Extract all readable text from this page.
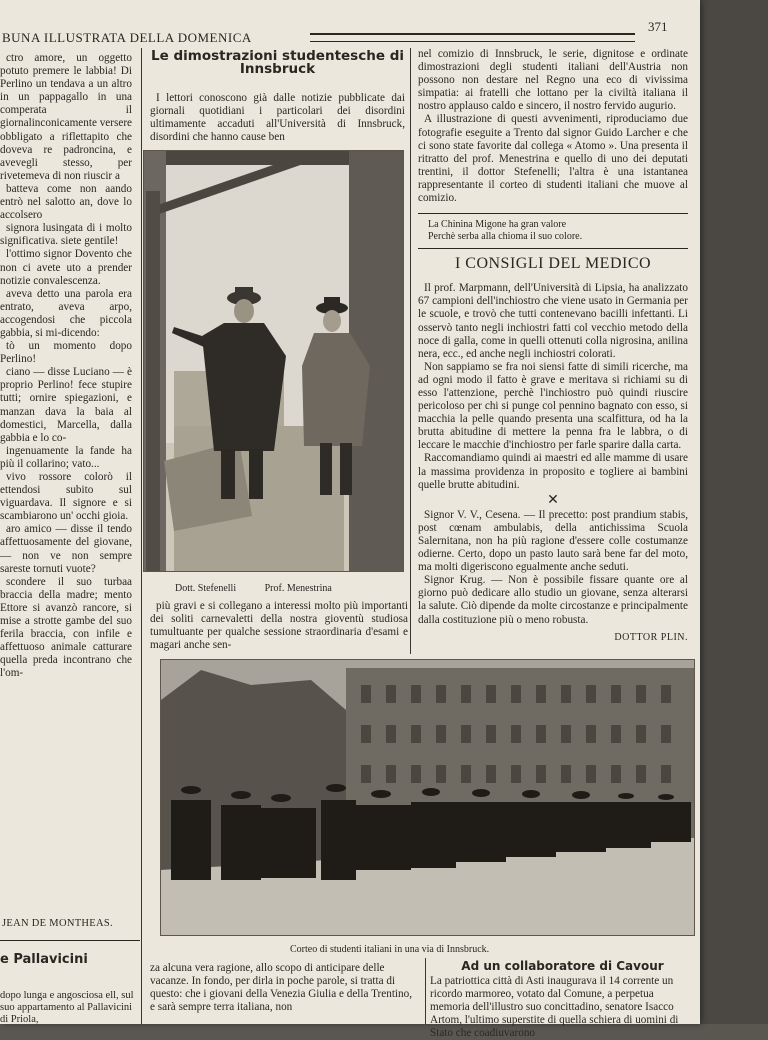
BUNA ILLUSTRATA DELLA DOMENICA
371

ctro amore, un oggetto potuto premere le labbia! Di Perlino un tendava a un altro in un pappagallo in una comperata il giornalinconicamente versere obbligato a riflettapito che doveva re padroncina, e avevegli stesso, per rivetemeva di non riuscir a

batteva come non aando entrò nel salotto an, dove lo accolsero

signora lusingata di i molto significativa. siete gentile!

l'ottimo signor Dovento che non ci avete uto a prender notizie convalescenza.

aveva detto una parola era entrato, aveva arpo, accogendosi che piccola gabbia, si mi-dicendo:

tò un momento dopo Perlino!

ciano — disse Luciano — è proprio Perlino! fece stupire tutti; ornire spiegazioni, e manzan dava la baia al domestici, Marcella, dalla gabbia e lo co-

ingenuamente la fande ha più il collarino; vato...

vivo rossore colorò il ettendosi subito sul viguardava. Il signore e si scambiarono un' occhi gioia.

aro amico — disse il tendo affettuosamente del giovane, — non ve non sempre sareste tornuti vuote?

scondere il suo turbaa braccia della madre; mento Ettore si avanzò rancore, si mise a strotte gambe del suo ferila braccia, con infile e affettuoso animale catturare quella preda incontrano che l'om-

JEAN DE MONTHEAS.
e Pallavicini

dopo lunga e angosciosa ell, sul suo appartamento al Pallavicini di Priola,

Le dimostrazioni studentesche di Innsbruck

I lettori conoscono già dalle notizie pubblicate dai giornali quotidiani i particolari dei disordini ultimamente accaduti all'Università di Innsbruck, disordini che hanno cause ben

Dott. Stefenelli	Prof. Menestrina

più gravi e si collegano a interessi molto più importanti dei soliti carnevaletti della nostra gioventù studiosa tumultuante per qualche sessione straordinaria d'esami e magari anche sen-

nel comizio di Innsbruck, le serie, dignitose e ordinate dimostrazioni degli studenti italiani dell'Austria non possono non destare nel Regno una eco di vivissima simpatia: ai fratelli che lottano per la civiltà italiana il nostro applauso caldo e sincero, il nostro fervido augurio.

A illustrazione di questi avvenimenti, riproduciamo due fotografie eseguite a Trento dal signor Guido Larcher e che ci sono state favorite dal collega « Atomo ». Una presenta il ritratto del prof. Menestrina e quello di uno dei deputati trentini, il dottor Stefenelli; l'altra è una istantanea rappresentante il corteo di studenti italiani che muove al comizio.

La Chinina Migone ha gran valore
Perchè serba alla chioma il suo colore.
I CONSIGLI DEL MEDICO

Il prof. Marpmann, dell'Università di Lipsia, ha analizzato 67 campioni dell'inchiostro che viene usato in Germania per le scuole, e trovò che tutti contenevano bacilli infettanti. Li osservò tanto negli inchiostri fatti col vecchio metodo della noce di galla, come in quelli ottenuti colla nigrosina, anilina nera, ecc., ed anche negli inchiostri colorati.

Non sappiamo se fra noi siensi fatte di simili ricerche, ma ad ogni modo il fatto è grave e meritava si richiami su di esso l'attenzione, perchè l'inchiostro può quindi riuscire pericoloso per chi si punge col pennino bagnato con esso, si macchia la pelle quando presenta una scalfittura, od ha la brutta abitudine di mettere la penna fra le labbra, o di leccare le macchie d'inchiostro per farle sparire dalla carta.

Raccomandiamo quindi ai maestri ed alle mamme di usare la massima providenza in proposito e togliere ai bambini quelle brutte abitudini.

✕

Signor V. V., Cesena. — Il precetto: post prandium stabis, post cœnam ambulabis, della antichissima Scuola Salernitana, non ha più ragione d'essere colle costumanze odierne. Certo, dopo un pasto lauto sarà bene far del moto, ma molti digeriscono egualmente anche seduti.

Signor Krug. — Non è possibile fissare quante ore al giorno può dedicare allo studio un giovane, senza alterarsi la salute. Ciò dipende da molte circostanze e principalmente dalla costituzione più o meno robusta.

DOTTOR PLIN.
Corteo di studenti italiani in una via di Innsbruck.

za alcuna vera ragione, allo scopo di anticipare delle vacanze. In fondo, per dirla in poche parole, si tratta di questo: che i giovani della Venezia Giulia e della Trentino, e sarà sempre terra italiana, non

Ad un collaboratore di Cavour

La patriottica città di Asti inaugurava il 14 corrente un ricordo marmoreo, votato dal Comune, a perpetua memoria dell'illustro suo concittadino, senatore Isacco Artom, l'ultimo superstite di quella schiera di uomini di Stato che coadiuvarono
